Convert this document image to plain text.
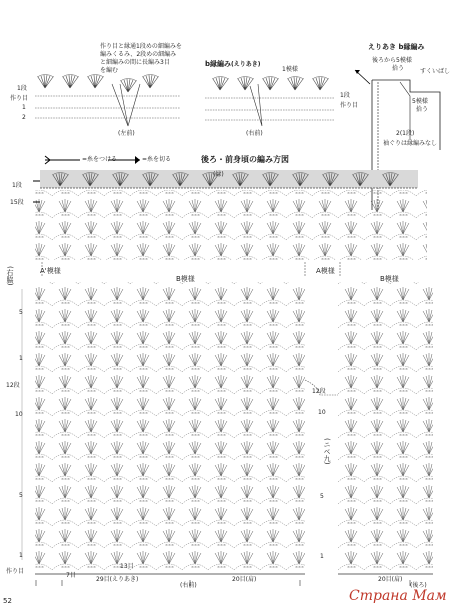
作り目と縁通1段めの細編みを
編みくるみ、2段めの細編み
と細編みの間に長編み3目
を編む
1段
作り目
1
2
(左前)
=糸をつける	=糸を切る
b縁編み(えりあき)
1模様
1段
作り目
(右前)
えりあき b縁編み
後ろから5模様
拾う	すくいばし
5模様
拾う
2(1段)
袖ぐりは縁編みなし
後ろ・前身頃の編み方図
(縁)
1段
15段
(右脇)	A'模様
B模様
A模様
B模様
5
1
12段
10
5
1
12段
10
(ニベ九)
5
1
作り目
13目
7目
29目(えりあき)
(右前)
20目(肩)	20目(肩)
(後ろ)
52	Страна Мам
